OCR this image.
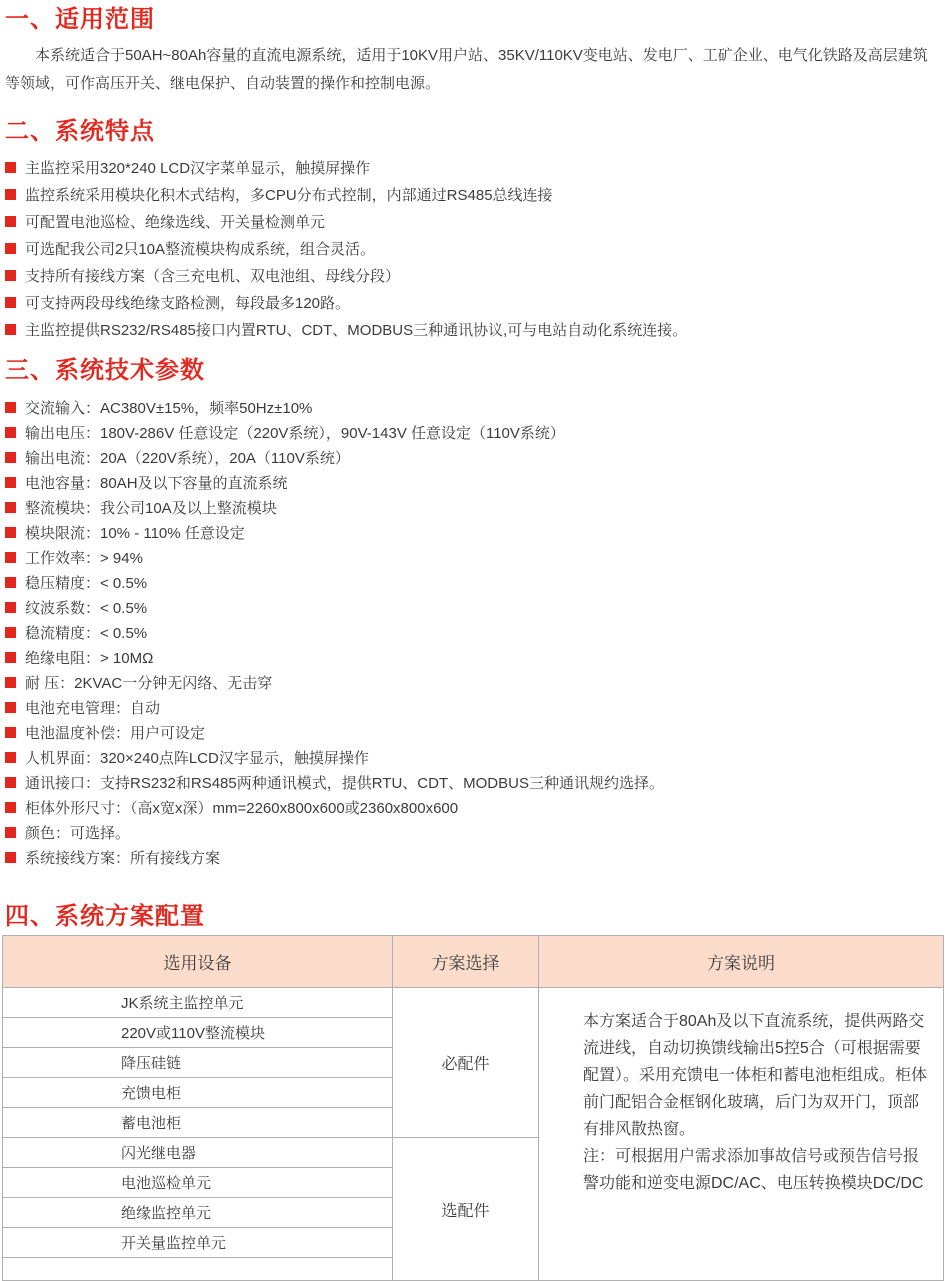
一、适用范围

本系统适合于50AH~80Ah容量的直流电源系统，适用于10KV用户站、35KV/110KV变电站、发电厂、工矿企业、电气化铁路及高层建筑等领域，可作高压开关、继电保护、自动装置的操作和控制电源。

二、系统特点
主监控采用320*240 LCD汉字菜单显示，触摸屏操作
监控系统采用模块化积木式结构，多CPU分布式控制，内部通过RS485总线连接
可配置电池巡检、绝缘选线、开关量检测单元
可选配我公司2只10A整流模块构成系统，组合灵活。
支持所有接线方案（含三充电机、双电池组、母线分段）
可支持两段母线绝缘支路检测，每段最多120路。
主监控提供RS232/RS485接口内置RTU、CDT、MODBUS三种通讯协议,可与电站自动化系统连接。
三、系统技术参数
交流输入：AC380V±15%，频率50Hz±10%
输出电压：180V-286V 任意设定（220V系统），90V-143V 任意设定（110V系统）
输出电流：20A（220V系统），20A（110V系统）
电池容量：80AH及以下容量的直流系统
整流模块：我公司10A及以上整流模块
模块限流：10% - 110% 任意设定
工作效率：> 94%
稳压精度：< 0.5%
纹波系数：< 0.5%
稳流精度：< 0.5%
绝缘电阻：> 10MΩ
耐 压：2KVAC一分钟无闪络、无击穿
电池充电管理：自动
电池温度补偿：用户可设定
人机界面：320×240点阵LCD汉字显示，触摸屏操作
通讯接口：支持RS232和RS485两种通讯模式，提供RTU、CDT、MODBUS三种通讯规约选择。
柜体外形尺寸：（高x宽x深）mm=2260x800x600或2360x800x600
颜色：可选择。
系统接线方案：所有接线方案
四、系统方案配置
选用设备	方案选择	方案说明
JK系统主监控单元	必配件	本方案适合于80Ah及以下直流系统，提供两路交流进线，自动切换馈线输出5控5合（可根据需要配置）。采用充馈电一体柜和蓄电池柜组成。柜体前门配铝合金框钢化玻璃，后门为双开门，顶部有排风散热窗。

注：可根据用户需求添加事故信号或预告信号报警功能和逆变电源DC/AC、电压转换模块DC/DC

220V或110V整流模块		
降压硅链		
充馈电柜		
蓄电池柜		
闪光继电器	选配件	
电池巡检单元		
绝缘监控单元		
开关量监控单元		
